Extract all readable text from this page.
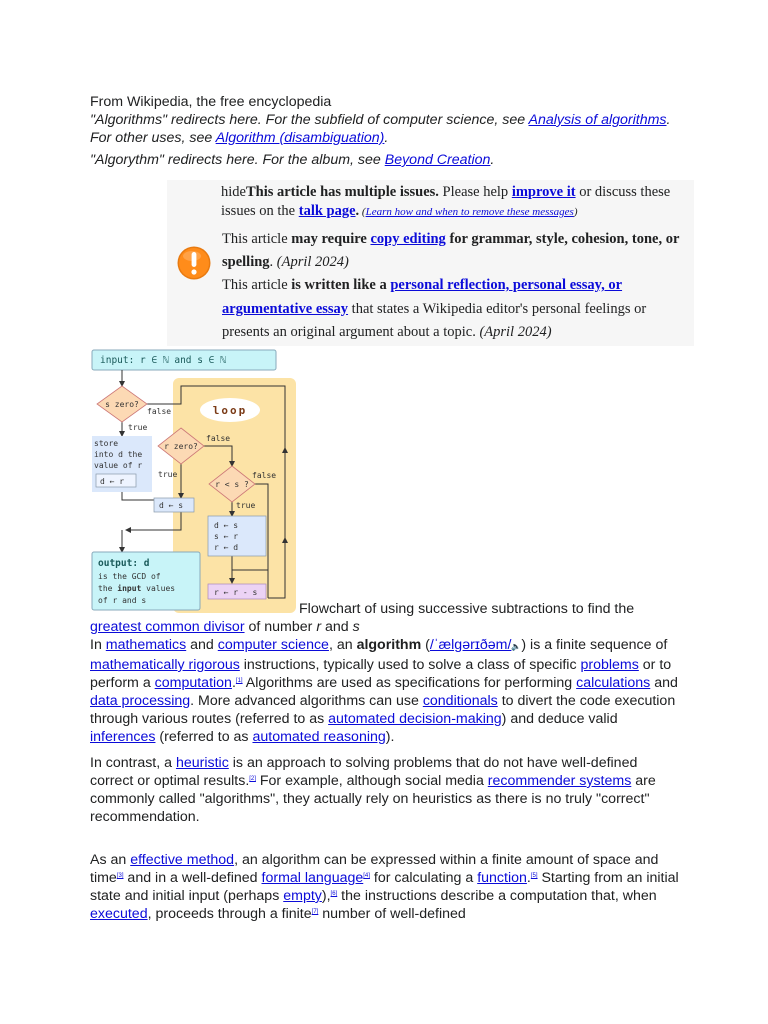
From Wikipedia, the free encyclopedia

"Algorithms" redirects here. For the subfield of computer science, see Analysis of algorithms. For other uses, see Algorithm (disambiguation).

"Algorythm" redirects here. For the album, see Beyond Creation.

hideThis article has multiple issues. Please help improve it or discuss these issues on the talk page. (Learn how and when to remove these messages)
This article may require copy editing for grammar, style, cohesion, tone, or spelling. (April 2024)
This article is written like a personal reflection, personal essay, or argumentative essay that states a Wikipedia editor's personal feelings or presents an original argument about a topic. (April 2024)
loop
input: r ∈ ℕ and s ∈ ℕ
s zero?
false
true
store
into d the
value of r
d ← r
r zero?
false
true
d ← s
r < s ?
false
true
d ← s
s ← r
r ← d
output: d
is the GCD of
the input values
of r and s
r ← r - s
Flowchart of using successive subtractions to find the

greatest common divisor of number r and s

In mathematics and computer science, an algorithm (/ˈælɡərɪðəm/🔈) is a finite sequence of mathematically rigorous instructions, typically used to solve a class of specific problems or to perform a computation.[1] Algorithms are used as specifications for performing calculations and data processing. More advanced algorithms can use conditionals to divert the code execution through various routes (referred to as automated decision-making) and deduce valid inferences (referred to as automated reasoning).

In contrast, a heuristic is an approach to solving problems that do not have well-defined correct or optimal results.[2] For example, although social media recommender systems are commonly called "algorithms", they actually rely on heuristics as there is no truly "correct" recommendation.

As an effective method, an algorithm can be expressed within a finite amount of space and time[3] and in a well-defined formal language[4] for calculating a function.[5] Starting from an initial state and initial input (perhaps empty),[6] the instructions describe a computation that, when executed, proceeds through a finite[7] number of well-defined
